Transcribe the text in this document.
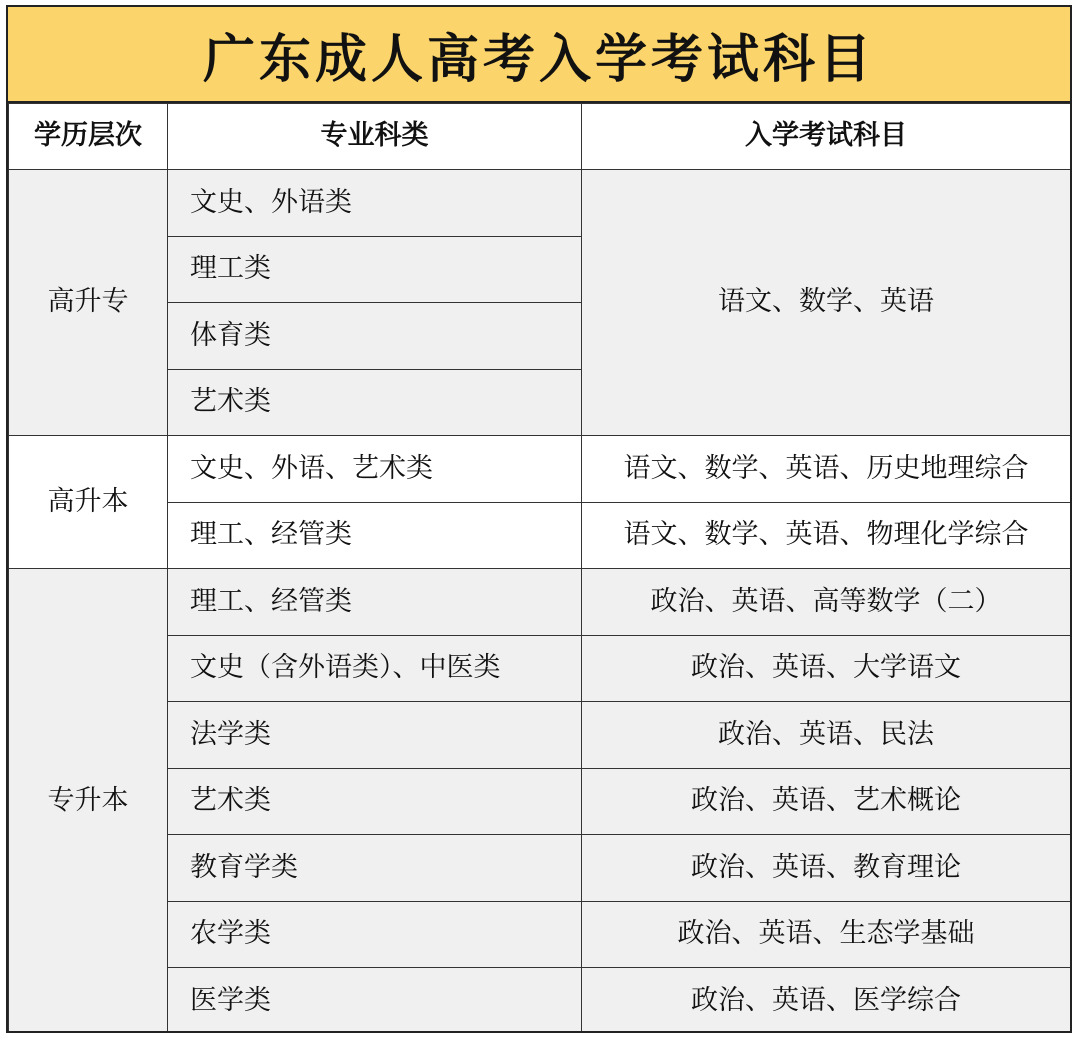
广东成人高考入学考试科目
学历层次	专业科类	入学考试科目
高升专	文史、外语类	语文、数学、英语
	理工类	
	体育类	
	艺术类	
高升本	文史、外语、艺术类	语文、数学、英语、历史地理综合
	理工、经管类	语文、数学、英语、物理化学综合
专升本	理工、经管类	政治、英语、高等数学（二）
	文史（含外语类）、中医类	政治、英语、大学语文
	法学类	政治、英语、民法
	艺术类	政治、英语、艺术概论
	教育学类	政治、英语、教育理论
	农学类	政治、英语、生态学基础
	医学类	政治、英语、医学综合
